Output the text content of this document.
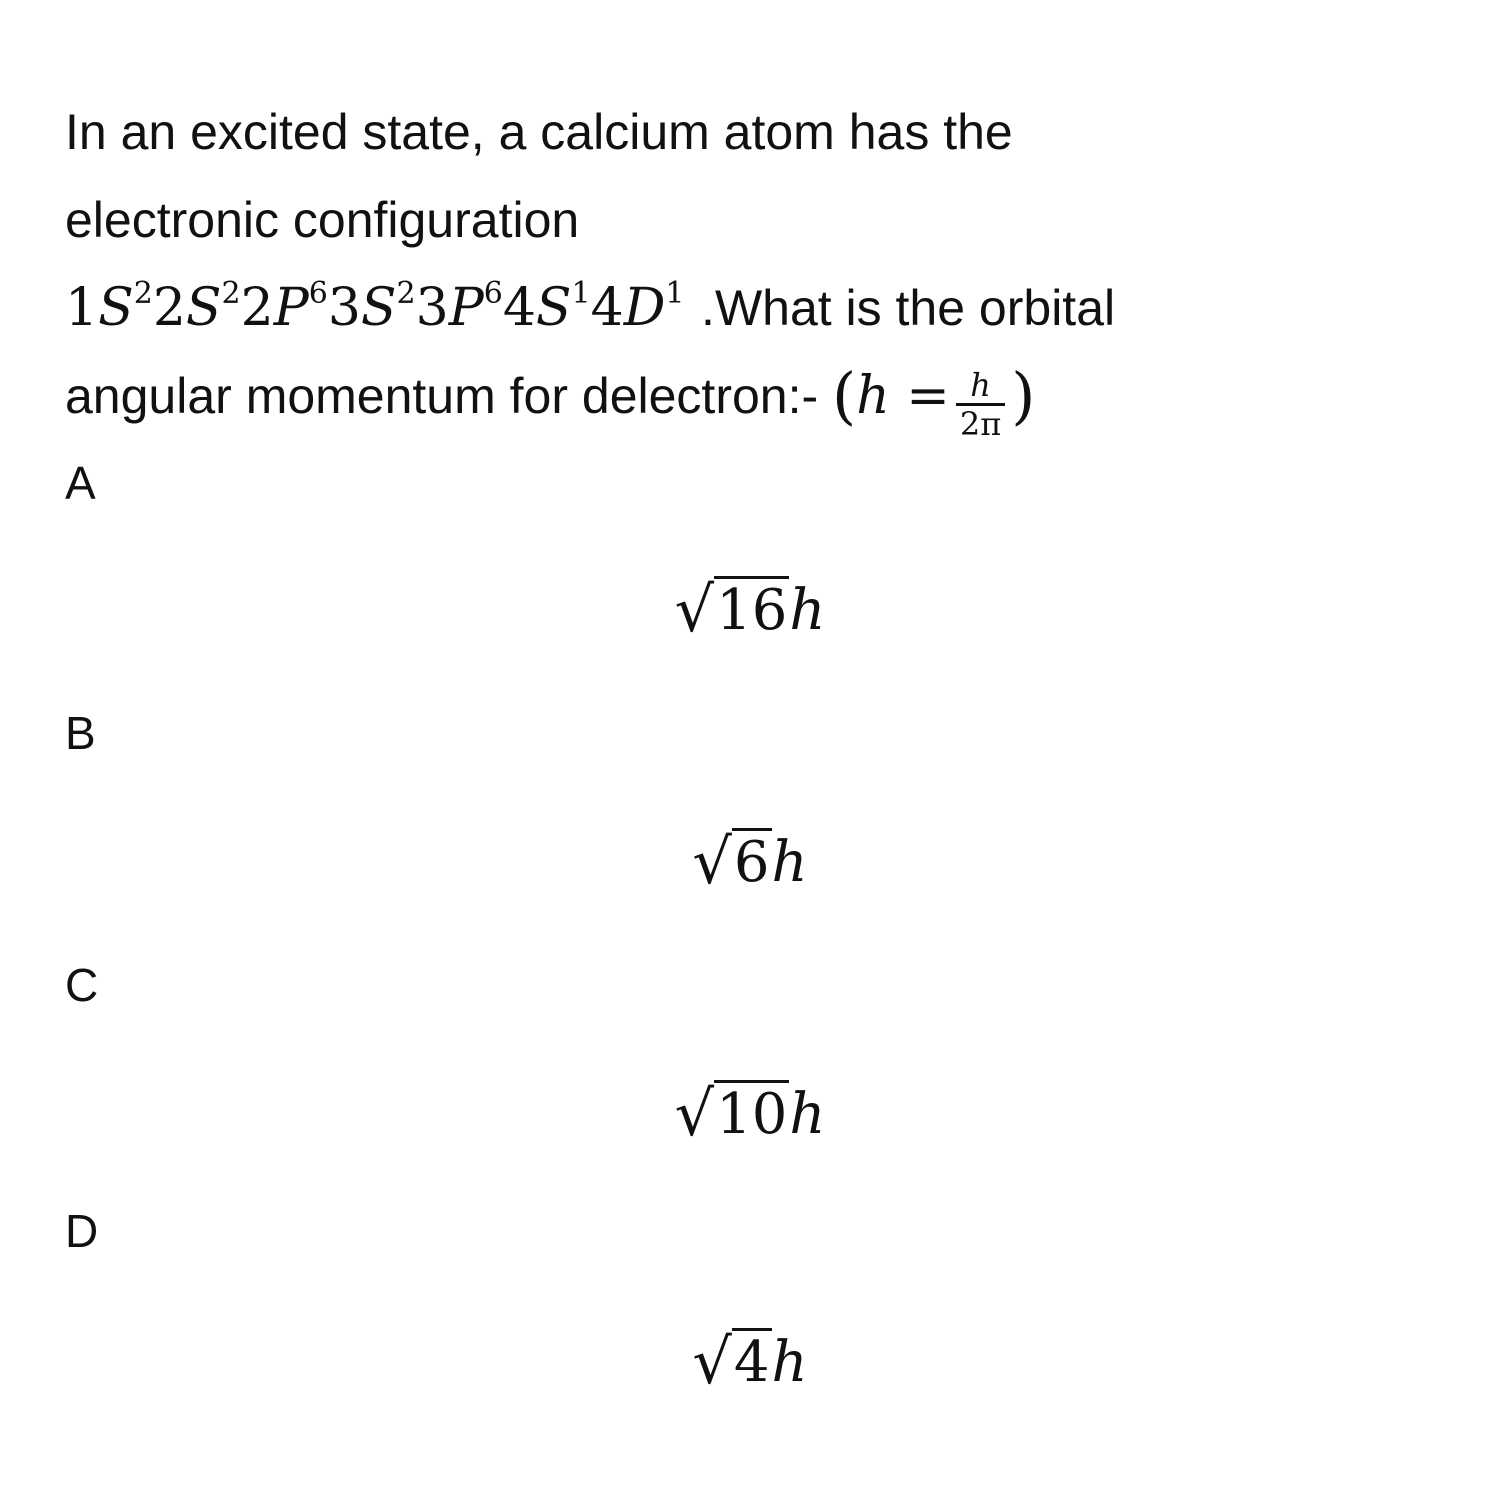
In an excited state, a calcium atom has the
electronic configuration
$1S^22S^22P^63S^23P^64S^14D^1$ .What is the orbital
angular momentum for delectron:- ($h = \frac{h}{2\pi}$ )
A
√16h
B
√6h
C
√10h
D
√4h
